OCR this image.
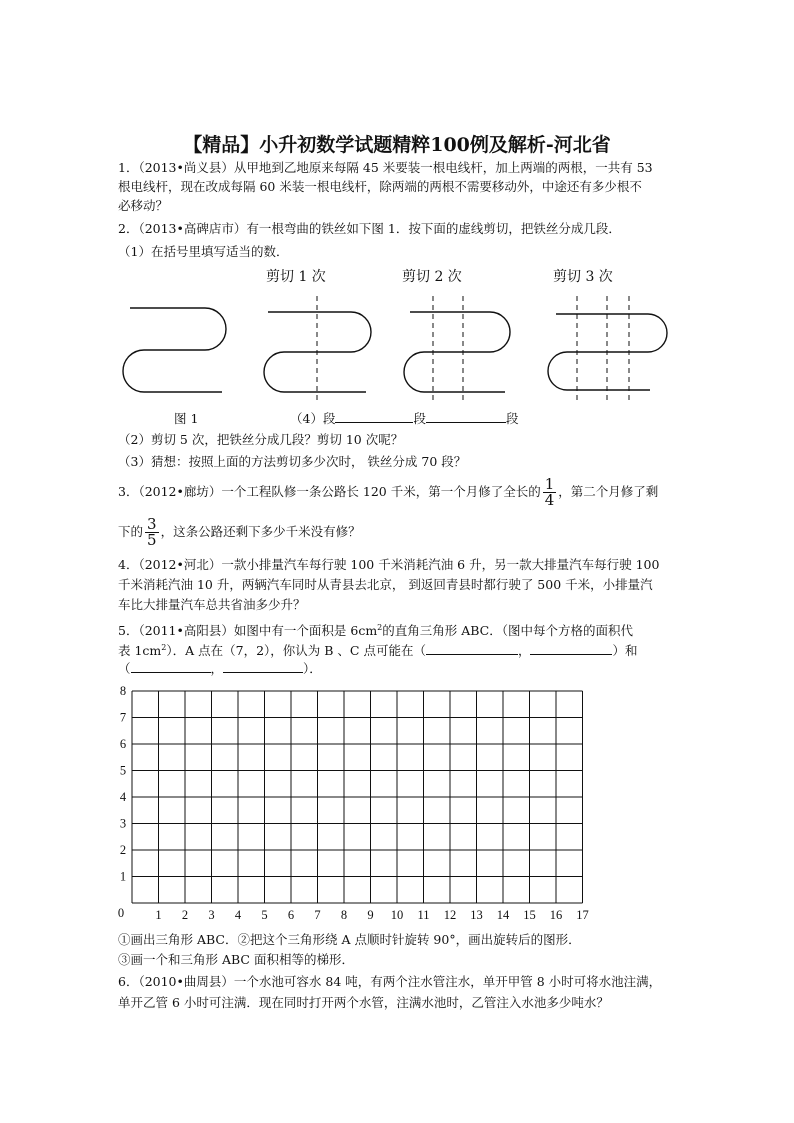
【精品】小升初数学试题精粹100例及解析-河北省
1．（2013•尚义县）从甲地到乙地原来每隔 45 米要装一根电线杆，加上两端的两根，一共有 53
根电线杆，现在改成每隔 60 米装一根电线杆，除两端的两根不需要移动外，中途还有多少根不
必移动？
2．（2013•高碑店市）有一根弯曲的铁丝如下图 1．按下面的虚线剪切，把铁丝分成几段．
（1）在括号里填写适当的数．
剪切 1 次	剪切 2 次	剪切 3 次
图 1	（4）段	段	段
（2）剪切 5 次，把铁丝分成几段？剪切 10 次呢？
（3）猜想：按照上面的方法剪切多少次时， 铁丝分成 70 段？
3．（2012•廊坊）一个工程队修一条公路长 120 千米，第一个月修了全长的 $\frac{1}{4}$ ，第二个月修了剩
下的 $\frac{3}{5}$ ，这条公路还剩下多少千米没有修？
4．（2012•河北）一款小排量汽车每行驶 100 千米消耗汽油 6 升，另一款大排量汽车每行驶 100
千米消耗汽油 10 升，两辆汽车同时从青县去北京， 到返回青县时都行驶了 500 千米，小排量汽
车比大排量汽车总共省油多少升？
5．（2011•高阳县）如图中有一个面积是 $6cm^2$的直角三角形 ABC．（图中每个方格的面积代
表 $1cm^2$）．A 点在（7，2），你认为 B 、C 点可能在（	，	）和
（	，	）．
0
1
2
3
4
5
6
7
8
1 2 3 4 5 6 7 8 9 10 11 12 13 14 15 16 17
①画出三角形 ABC．②把这个三角形绕 A 点顺时针旋转 90°，画出旋转后的图形．
③画一个和三角形 ABC 面积相等的梯形．
6．（2010•曲周县）一个水池可容水 84 吨，有两个注水管注水，单开甲管 8 小时可将水池注满，
单开乙管 6 小时可注满．现在同时打开两个水管，注满水池时，乙管注入水池多少吨水？
